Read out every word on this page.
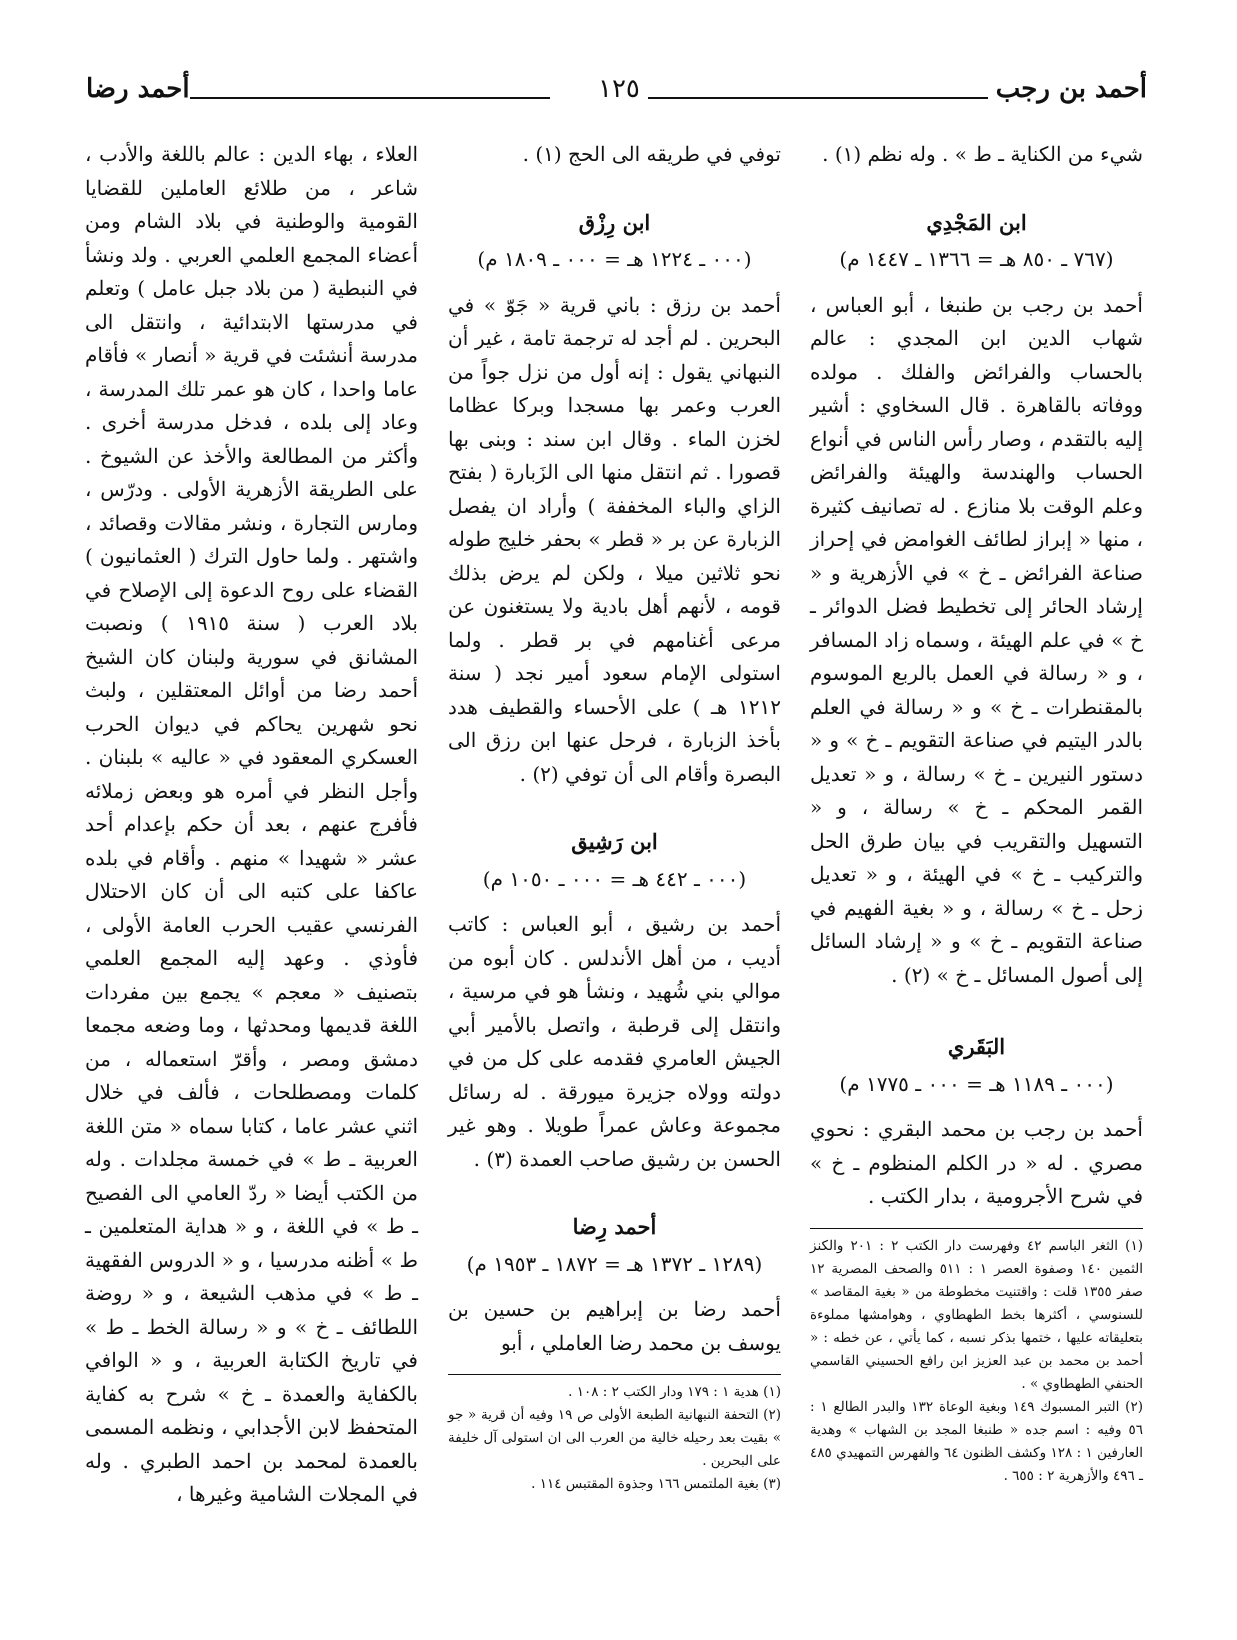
أحمد بن رجب
١٢٥
أحمد رضا

شيء من الكناية ـ ط » . وله نظم (١) .

ابن المَجْدِي
(٧٦٧ ـ ٨٥٠ هـ = ١٣٦٦ ـ ١٤٤٧ م)

أحمد بن رجب بن طنبغا ، أبو العباس ، شهاب الدين ابن المجدي : عالم بالحساب والفرائض والفلك . مولده ووفاته بالقاهرة . قال السخاوي : أشير إليه بالتقدم ، وصار رأس الناس في أنواع الحساب والهندسة والهيئة والفرائض وعلم الوقت بلا منازع . له تصانيف كثيرة ، منها « إبراز لطائف الغوامض في إحراز صناعة الفرائض ـ خ » في الأزهرية و « إرشاد الحائر إلى تخطيط فضل الدوائر ـ خ » في علم الهيئة ، وسماه زاد المسافر ، و « رسالة في العمل بالربع الموسوم بالمقنطرات ـ خ » و « رسالة في العلم بالدر اليتيم في صناعة التقويم ـ خ » و « دستور النيرين ـ خ » رسالة ، و « تعديل القمر المحكم ـ خ » رسالة ، و « التسهيل والتقريب في بيان طرق الحل والتركيب ـ خ » في الهيئة ، و « تعديل زحل ـ خ » رسالة ، و « بغية الفهيم في صناعة التقويم ـ خ » و « إرشاد السائل إلى أصول المسائل ـ خ » (٢) .

البَقَري
(٠٠٠ ـ ١١٨٩ هـ = ٠٠٠ ـ ١٧٧٥ م)

أحمد بن رجب بن محمد البقري : نحوي مصري . له « در الكلم المنظوم ـ خ » في شرح الأجرومية ، بدار الكتب .

(١) الثغر الباسم ٤٢ وفهرست دار الكتب ٢ : ٢٠١ والكنز الثمين ١٤٠ وصفوة العصر ١ : ٥١١ والصحف المصرية ١٢ صفر ١٣٥٥ قلت : واقتنيت مخطوطة من « بغية المقاصد » للسنوسي ، أكثرها بخط الطهطاوي ، وهوامشها مملوءة بتعليقاته عليها ، ختمها بذكر نسبه ، كما يأتي ، عن خطه : « أحمد بن محمد بن عبد العزيز ابن رافع الحسيني القاسمي الحنفي الطهطاوي » .

(٢) التبر المسبوك ١٤٩ وبغية الوعاة ١٣٢ والبدر الطالع ١ : ٥٦ وفيه : اسم جده « طنبغا المجد بن الشهاب » وهدية العارفين ١ : ١٢٨ وكشف الظنون ٦٤ والفهرس التمهيدي ٤٨٥ ـ ٤٩٦ والأزهرية ٢ : ٦٥٥ .

توفي في طريقه الى الحج (١) .

ابن رِزْق
(٠٠٠ ـ ١٢٢٤ هـ = ٠٠٠ ـ ١٨٠٩ م)

أحمد بن رزق : باني قرية « جَوّ » في البحرين . لم أجد له ترجمة تامة ، غير أن النبهاني يقول : إنه أول من نزل جواً من العرب وعمر بها مسجدا وبركا عظاما لخزن الماء . وقال ابن سند : وبنى بها قصورا . ثم انتقل منها الى الزَبارة ( بفتح الزاي والباء المخففة ) وأراد ان يفصل الزبارة عن بر « قطر » بحفر خليج طوله نحو ثلاثين ميلا ، ولكن لم يرض بذلك قومه ، لأنهم أهل بادية ولا يستغنون عن مرعى أغنامهم في بر قطر . ولما استولى الإمام سعود أمير نجد ( سنة ١٢١٢ هـ ) على الأحساء والقطيف هدد بأخذ الزبارة ، فرحل عنها ابن رزق الى البصرة وأقام الى أن توفي (٢) .

ابن رَشِيق
(٠٠٠ ـ ٤٤٢ هـ = ٠٠٠ ـ ١٠٥٠ م)

أحمد بن رشيق ، أبو العباس : كاتب أديب ، من أهل الأندلس . كان أبوه من موالي بني شُهيد ، ونشأ هو في مرسية ، وانتقل إلى قرطبة ، واتصل بالأمير أبي الجيش العامري فقدمه على كل من في دولته وولاه جزيرة ميورقة . له رسائل مجموعة وعاش عمراً طويلا . وهو غير الحسن بن رشيق صاحب العمدة (٣) .

أحمد رِضا
(١٢٨٩ ـ ١٣٧٢ هـ = ١٨٧٢ ـ ١٩٥٣ م)

أحمد رضا بن إبراهيم بن حسين بن يوسف بن محمد رضا العاملي ، أبو

(١) هدية ١ : ١٧٩ ودار الكتب ٢ : ١٠٨ .

(٢) التحفة النبهانية الطبعة الأولى ص ١٩ وفيه أن قرية « جو » بقيت بعد رحيله خالية من العرب الى ان استولى آل خليفة على البحرين .

(٣) بغية الملتمس ١٦٦ وجذوة المقتبس ١١٤ .

العلاء ، بهاء الدين : عالم باللغة والأدب ، شاعر ، من طلائع العاملين للقضايا القومية والوطنية في بلاد الشام ومن أعضاء المجمع العلمي العربي . ولد ونشأ في النبطية ( من بلاد جبل عامل ) وتعلم في مدرستها الابتدائية ، وانتقل الى مدرسة أنشئت في قرية « أنصار » فأقام عاما واحدا ، كان هو عمر تلك المدرسة ، وعاد إلى بلده ، فدخل مدرسة أخرى . وأكثر من المطالعة والأخذ عن الشيوخ . على الطريقة الأزهرية الأولى . ودرّس ، ومارس التجارة ، ونشر مقالات وقصائد ، واشتهر . ولما حاول الترك ( العثمانيون ) القضاء على روح الدعوة إلى الإصلاح في بلاد العرب ( سنة ١٩١٥ ) ونصبت المشانق في سورية ولبنان كان الشيخ أحمد رضا من أوائل المعتقلين ، ولبث نحو شهرين يحاكم في ديوان الحرب العسكري المعقود في « عاليه » بلبنان . وأجل النظر في أمره هو وبعض زملائه فأفرج عنهم ، بعد أن حكم بإعدام أحد عشر « شهيدا » منهم . وأقام في بلده عاكفا على كتبه الى أن كان الاحتلال الفرنسي عقيب الحرب العامة الأولى ، فأوذي . وعهد إليه المجمع العلمي بتصنيف « معجم » يجمع بين مفردات اللغة قديمها ومحدثها ، وما وضعه مجمعا دمشق ومصر ، وأقرّ استعماله ، من كلمات ومصطلحات ، فألف في خلال اثني عشر عاما ، كتابا سماه « متن اللغة العربية ـ ط » في خمسة مجلدات . وله من الكتب أيضا « ردّ العامي الى الفصيح ـ ط » في اللغة ، و « هداية المتعلمين ـ ط » أظنه مدرسيا ، و « الدروس الفقهية ـ ط » في مذهب الشيعة ، و « روضة اللطائف ـ خ » و « رسالة الخط ـ ط » في تاريخ الكتابة العربية ، و « الوافي بالكفاية والعمدة ـ خ » شرح به كفاية المتحفظ لابن الأجدابي ، ونظمه المسمى بالعمدة لمحمد بن احمد الطبري . وله في المجلات الشامية وغيرها ،
